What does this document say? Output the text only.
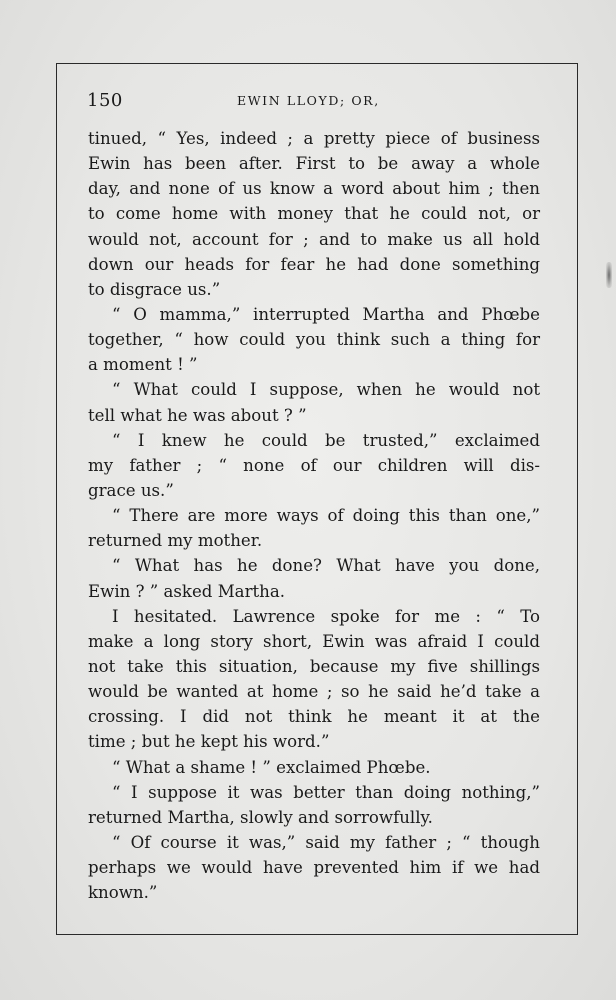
150	EWIN LLOYD; OR,
tinued, “ Yes, indeed ; a pretty piece of business
Ewin has been after. First to be away a whole
day, and none of us know a word about him ; then
to come home with money that he could not, or
would not, account for ; and to make us all hold
down our heads for fear he had done something
to disgrace us.”
“ O mamma,” interrupted Martha and Phœbe
together, “ how could you think such a thing for
a moment ! ”
“ What could I suppose, when he would not
tell what he was about ? ”
“ I knew he could be trusted,” exclaimed
my father ; “ none of our children will dis-
grace us.”
“ There are more ways of doing this than one,”
returned my mother.
“ What has he done? What have you done,
Ewin ? ” asked Martha.
I hesitated. Lawrence spoke for me : “ To
make a long story short, Ewin was afraid I could
not take this situation, because my five shillings
would be wanted at home ; so he said he’d take a
crossing. I did not think he meant it at the
time ; but he kept his word.”
“ What a shame ! ” exclaimed Phœbe.
“ I suppose it was better than doing nothing,”
returned Martha, slowly and sorrowfully.
“ Of course it was,” said my father ; “ though
perhaps we would have prevented him if we had
known.”
